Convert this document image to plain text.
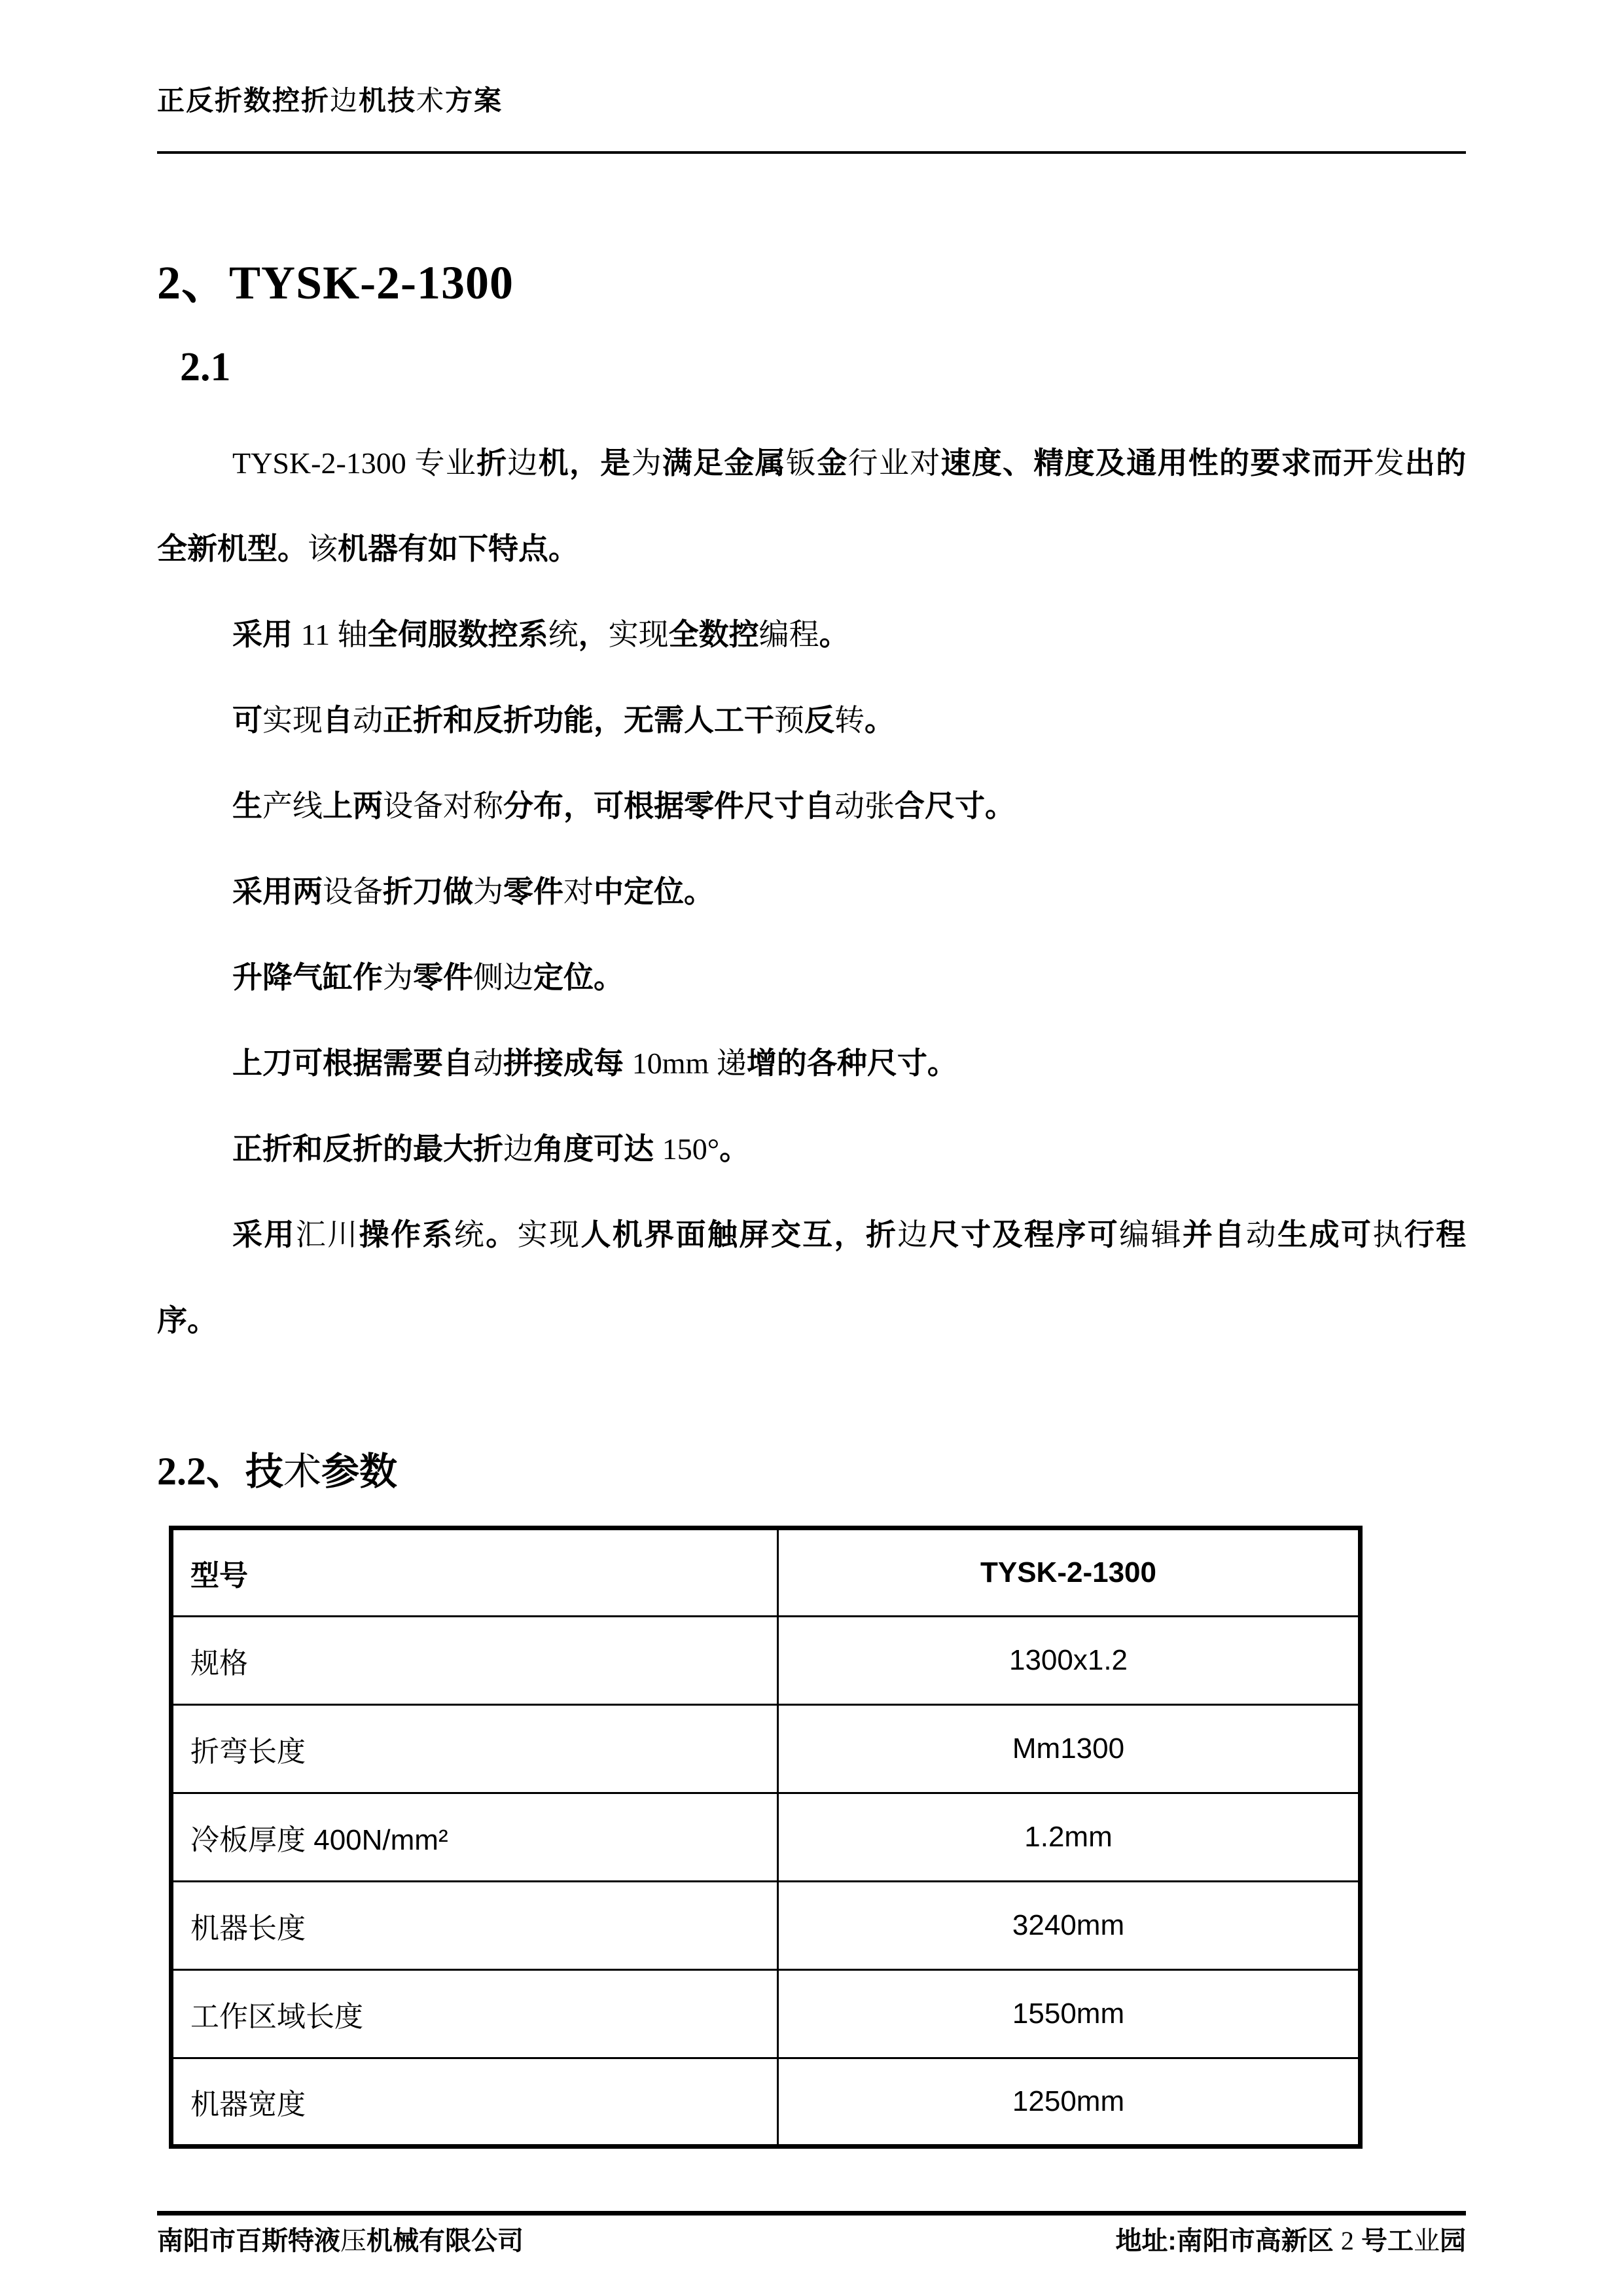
正反折数控折边机技术方案
2、TYSK-2-1300
2.1

TYSK-2-1300 专业折边机，是为满足金属钣金行业对速度、精度及通用性的要求而开发出的全新机型。该机器有如下特点。

采用 11 轴全伺服数控系统，实现全数控编程。

可实现自动正折和反折功能，无需人工干预反转。

生产线上两设备对称分布，可根据零件尺寸自动张合尺寸。

采用两设备折刀做为零件对中定位。

升降气缸作为零件侧边定位。

上刀可根据需要自动拼接成每 10mm 递增的各种尺寸。

正折和反折的最大折边角度可达 150°。

采用汇川操作系统。实现人机界面触屏交互，折边尺寸及程序可编辑并自动生成可执行程序。

2.2、技术参数
型号	TYSK-2-1300
规格	1300x1.2
折弯长度	Mm1300
冷板厚度 400N/mm²	1.2mm
机器长度	3240mm
工作区域长度	1550mm
机器宽度	1250mm
南阳市百斯特液压机械有限公司	地址:南阳市高新区 2 号工业园
